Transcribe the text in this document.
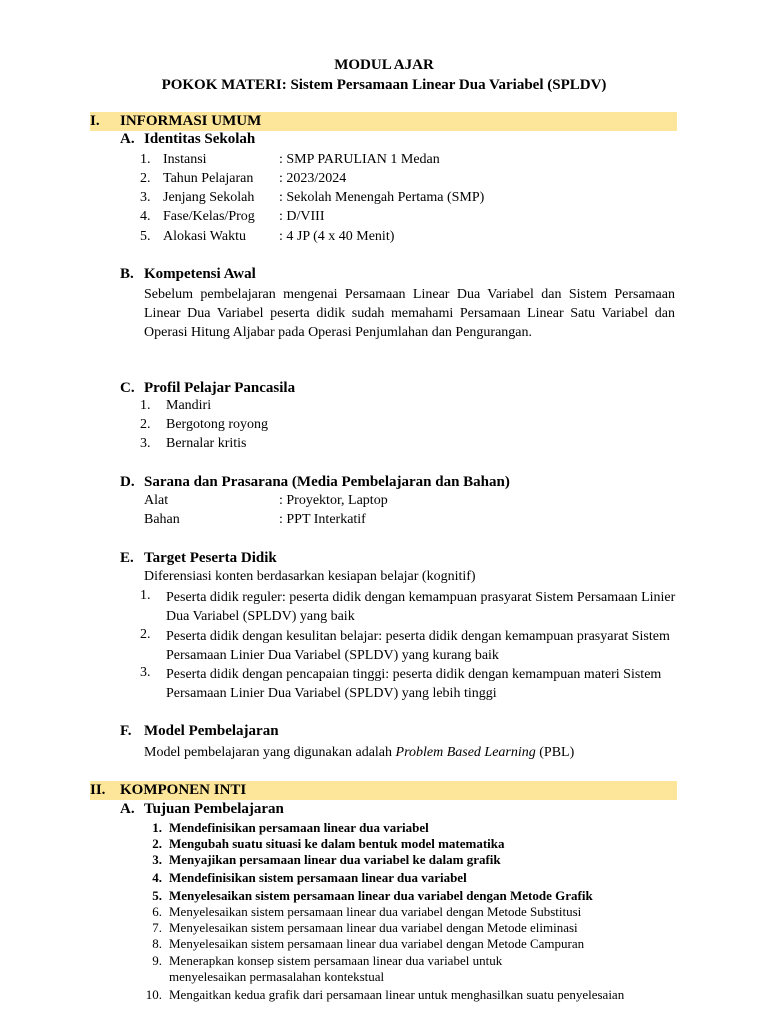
MODUL AJAR
POKOK MATERI: Sistem Persamaan Linear Dua Variabel (SPLDV)
I. INFORMASI UMUM
A. Identitas Sekolah
1. Instansi	: SMP PARULIAN 1 Medan
2. Tahun Pelajaran : 2023/2024
3. Jenjang Sekolah : Sekolah Menengah Pertama (SMP)
4. Fase/Kelas/Prog : D/VIII
5. Alokasi Waktu : 4 JP (4 x 40 Menit)
B. Kompetensi Awal

Sebelum pembelajaran mengenai Persamaan Linear Dua Variabel dan Sistem Persamaan Linear Dua Variabel peserta didik sudah memahami Persamaan Linear Satu Variabel dan Operasi Hitung Aljabar pada Operasi Penjumlahan dan Pengurangan.

C. Profil Pelajar Pancasila
1. Mandiri
2. Bergotong royong
3. Bernalar kritis
D. Sarana dan Prasarana (Media Pembelajaran dan Bahan)
Alat	: Proyektor, Laptop
Bahan	: PPT Interkatif
E. Target Peserta Didik
Diferensiasi konten berdasarkan kesiapan belajar (kognitif)
1. Peserta didik reguler: peserta didik dengan kemampuan prasyarat Sistem Persamaan Linier Dua Variabel (SPLDV) yang baik
2. Peserta didik dengan kesulitan belajar: peserta didik dengan kemampuan prasyarat Sistem Persamaan Linier Dua Variabel (SPLDV) yang kurang baik
3. Peserta didik dengan pencapaian tinggi: peserta didik dengan kemampuan materi Sistem Persamaan Linier Dua Variabel (SPLDV) yang lebih tinggi
F. Model Pembelajaran
Model pembelajaran yang digunakan adalah Problem Based Learning (PBL)
II. KOMPONEN INTI
A. Tujuan Pembelajaran
1. Mendefinisikan persamaan linear dua variabel
2. Mengubah suatu situasi ke dalam bentuk model matematika
3. Menyajikan persamaan linear dua variabel ke dalam grafik
4. Mendefinisikan sistem persamaan linear dua variabel
5. Menyelesaikan sistem persamaan linear dua variabel dengan Metode Grafik
6. Menyelesaikan sistem persamaan linear dua variabel dengan Metode Substitusi
7. Menyelesaikan sistem persamaan linear dua variabel dengan Metode eliminasi
8. Menyelesaikan sistem persamaan linear dua variabel dengan Metode Campuran
9. Menerapkan konsep sistem persamaan linear dua variabel untuk
menyelesaikan permasalahan kontekstual
10. Mengaitkan kedua grafik dari persamaan linear untuk menghasilkan suatu penyelesaian
